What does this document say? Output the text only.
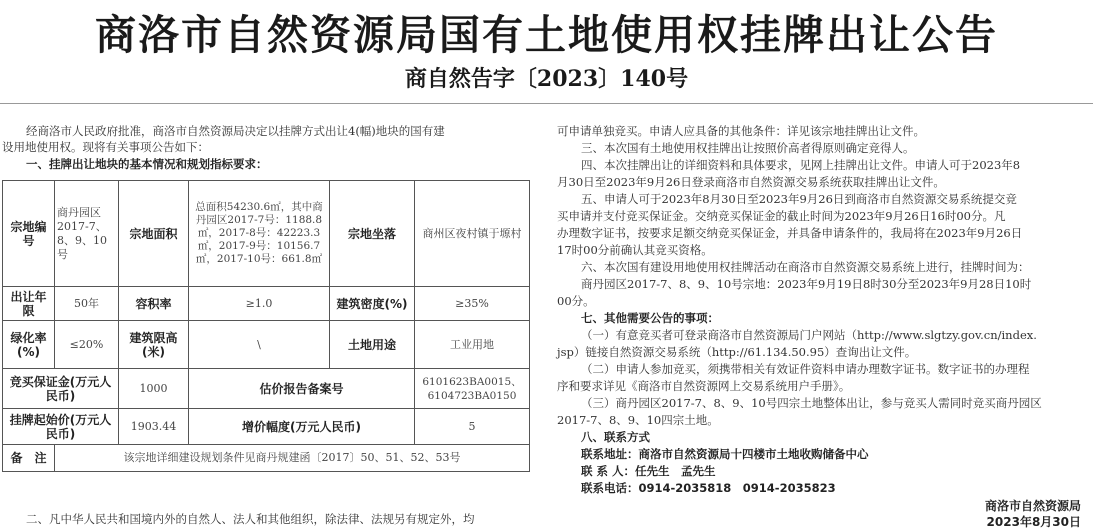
商洛市自然资源局国有土地使用权挂牌出让公告
商自然告字〔2023〕140号
经商洛市人民政府批准，商洛市自然资源局决定以挂牌方式出让4(幅)地块的国有建
设用地使用权。现将有关事项公告如下：
一、挂牌出让地块的基本情况和规划指标要求：
宗地编号	商丹园区2017-7、8、9、10号	宗地面积	总面积54230.6㎡，其中商丹园区2017-7号：1188.8㎡，2017-8号：42223.3㎡，2017-9号：10156.7㎡，2017-10号：661.8㎡	宗地坐落	商州区夜村镇于塬村
出让年限	50年	容积率	≥1.0	建筑密度(%)	≥35%
绿化率(%)	≤20%	建筑限高(米)	\	土地用途	工业用地
竞买保证金(万元人民币)		1000	估价报告备案号		6101623BA0015、6104723BA0150
挂牌起始价(万元人民币)		1903.44	增价幅度(万元人民币)		5
备　注	该宗地详细建设规划条件见商丹规建函〔2017〕50、51、52、53号				
二、凡中华人民共和国境内外的自然人、法人和其他组织，除法律、法规另有规定外，均
可申请单独竞买。申请人应具备的其他条件：详见该宗地挂牌出让文件。
三、本次国有土地使用权挂牌出让按照价高者得原则确定竞得人。
四、本次挂牌出让的详细资料和具体要求，见网上挂牌出让文件。申请人可于2023年8
月30日至2023年9月26日登录商洛市自然资源交易系统获取挂牌出让文件。
五、申请人可于2023年8月30日至2023年9月26日到商洛市自然资源交易系统提交竞
买申请并支付竞买保证金。交纳竞买保证金的截止时间为2023年9月26日16时00分。凡
办理数字证书，按要求足额交纳竞买保证金，并具备申请条件的，我局将在2023年9月26日
17时00分前确认其竞买资格。
六、本次国有建设用地使用权挂牌活动在商洛市自然资源交易系统上进行，挂牌时间为：
商丹园区2017-7、8、9、10号宗地：2023年9月19日8时30分至2023年9月28日10时
00分。
七、其他需要公告的事项：
（一）有意竞买者可登录商洛市自然资源局门户网站（http://www.slgtzy.gov.cn/index.
jsp）链接自然资源交易系统（http://61.134.50.95）查询出让文件。
（二）申请人参加竞买，须携带相关有效证件资料申请办理数字证书。数字证书的办理程
序和要求详见《商洛市自然资源网上交易系统用户手册》。
（三）商丹园区2017-7、8、9、10号四宗土地整体出让，参与竞买人需同时竞买商丹园区
2017-7、8、9、10四宗土地。
八、联系方式
联系地址：商洛市自然资源局十四楼市土地收购储备中心
联 系 人：任先生　孟先生
联系电话：0914-2035818　0914-2035823
商洛市自然资源局
2023年8月30日
